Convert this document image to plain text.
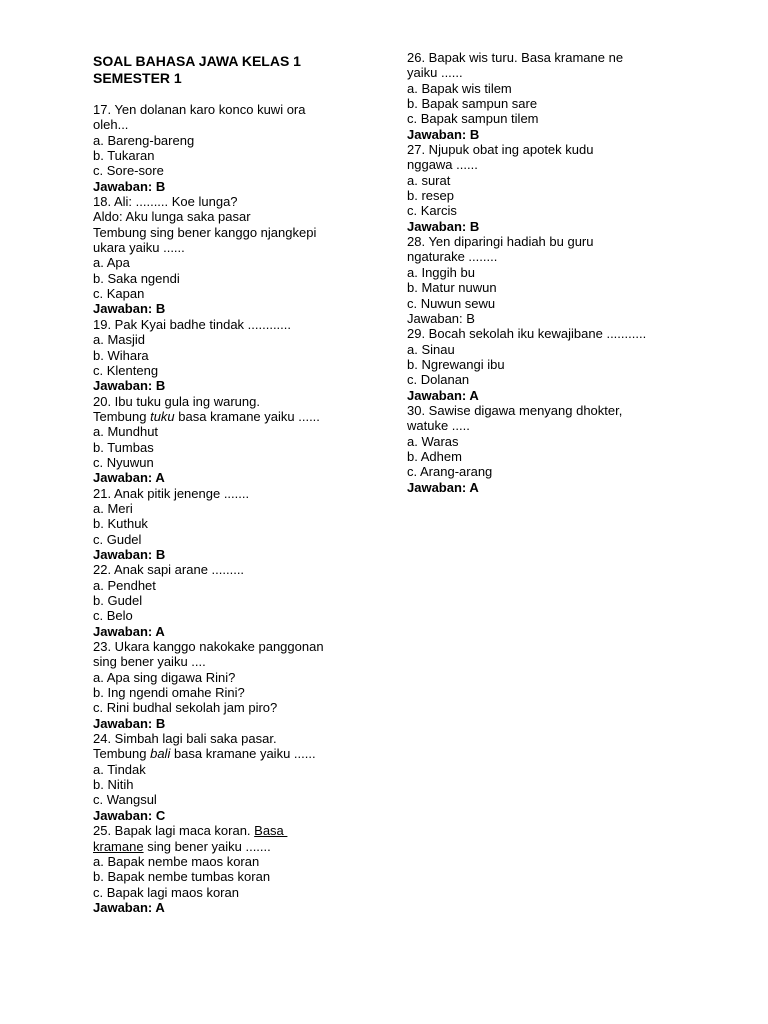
SOAL BAHASA JAWA KELAS 1
SEMESTER 1
17. Yen dolanan karo konco kuwi ora
oleh...
a. Bareng-bareng
b. Tukaran
c. Sore-sore
Jawaban: B
18. Ali: ......... Koe lunga?
Aldo: Aku lunga saka pasar
Tembung sing bener kanggo njangkepi
ukara yaiku ......
a. Apa
b. Saka ngendi
c. Kapan
Jawaban: B
19. Pak Kyai badhe tindak ............
a. Masjid
b. Wihara
c. Klenteng
Jawaban: B
20. Ibu tuku gula ing warung.
Tembung tuku basa kramane yaiku ......
a. Mundhut
b. Tumbas
c. Nyuwun
Jawaban: A
21. Anak pitik jenenge .......
a. Meri
b. Kuthuk
c. Gudel
Jawaban: B
22. Anak sapi arane .........
a. Pendhet
b. Gudel
c. Belo
Jawaban: A
23. Ukara kanggo nakokake panggonan
sing bener yaiku ....
a. Apa sing digawa Rini?
b. Ing ngendi omahe Rini?
c. Rini budhal sekolah jam piro?
Jawaban: B
24. Simbah lagi bali saka pasar.
Tembung bali basa kramane yaiku ......
a. Tindak
b. Nitih
c. Wangsul
Jawaban: C
25. Bapak lagi maca koran. Basa
kramane sing bener yaiku .......
a. Bapak nembe maos koran
b. Bapak nembe tumbas koran
c. Bapak lagi maos koran
Jawaban: A
26. Bapak wis turu. Basa kramane ne
yaiku ......
a. Bapak wis tilem
b. Bapak sampun sare
c. Bapak sampun tilem
Jawaban: B
27. Njupuk obat ing apotek kudu
nggawa ......
a. surat
b. resep
c. Karcis
Jawaban: B
28. Yen diparingi hadiah bu guru
ngaturake ........
a. Inggih bu
b. Matur nuwun
c. Nuwun sewu
Jawaban: B
29. Bocah sekolah iku kewajibane ...........
a. Sinau
b. Ngrewangi ibu
c. Dolanan
Jawaban: A
30. Sawise digawa menyang dhokter,
watuke .....
a. Waras
b. Adhem
c. Arang-arang
Jawaban: A
